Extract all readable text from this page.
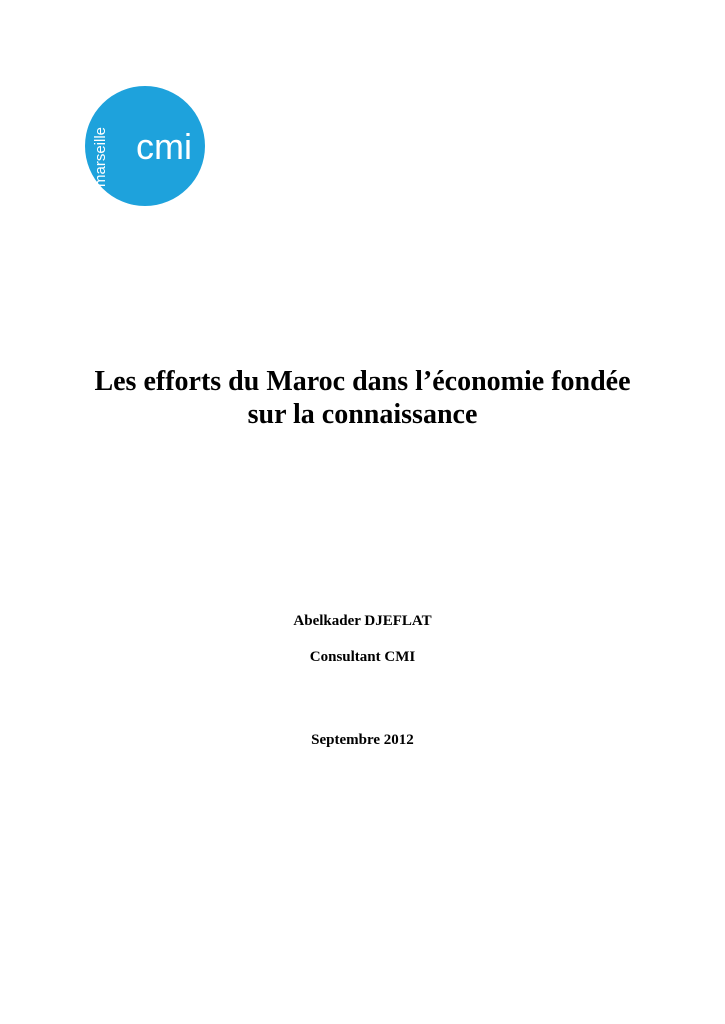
cmi
marseille
Les efforts du Maroc dans l’économie fondée
sur la connaissance

Abelkader DJEFLAT

Consultant CMI

Septembre 2012
